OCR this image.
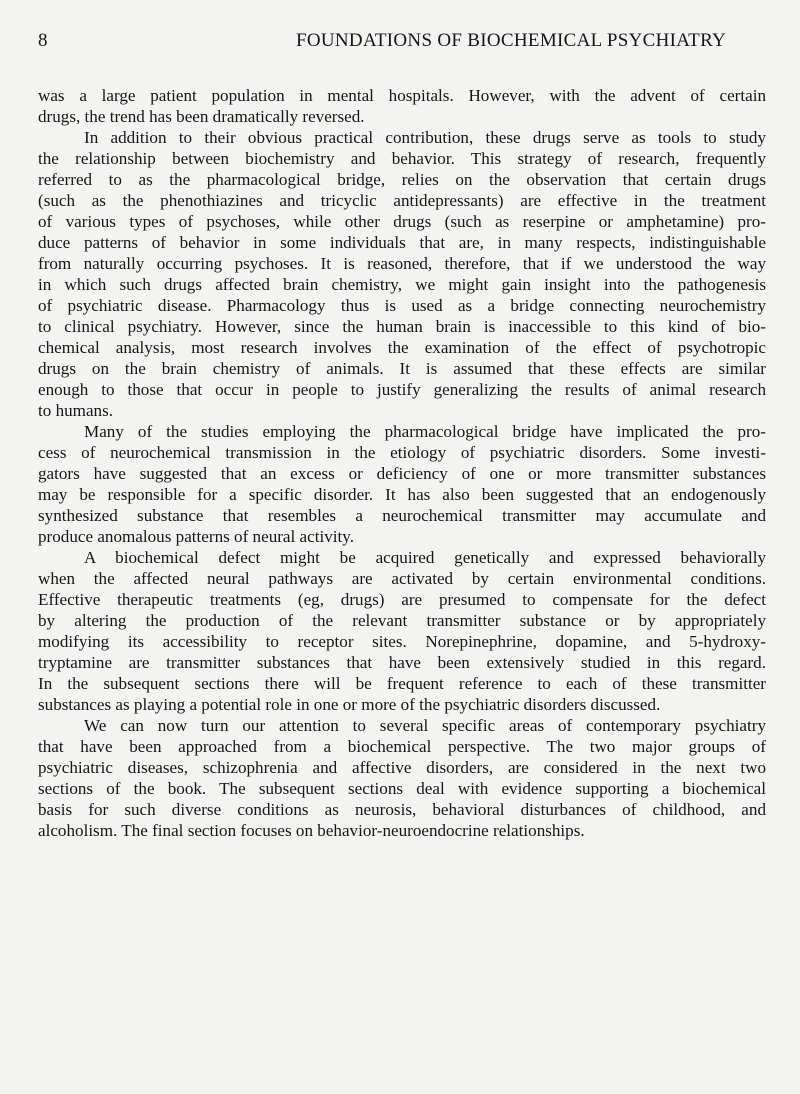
8	FOUNDATIONS OF BIOCHEMICAL PSYCHIATRY
was a large patient population in mental hospitals. However, with the advent of certain
drugs, the trend has been dramatically reversed.
In addition to their obvious practical contribution, these drugs serve as tools to study
the relationship between biochemistry and behavior. This strategy of research, frequently
referred to as the pharmacological bridge, relies on the observation that certain drugs
(such as the phenothiazines and tricyclic antidepressants) are effective in the treatment
of various types of psychoses, while other drugs (such as reserpine or amphetamine) pro-
duce patterns of behavior in some individuals that are, in many respects, indistinguishable
from naturally occurring psychoses. It is reasoned, therefore, that if we understood the way
in which such drugs affected brain chemistry, we might gain insight into the pathogenesis
of psychiatric disease. Pharmacology thus is used as a bridge connecting neurochemistry
to clinical psychiatry. However, since the human brain is inaccessible to this kind of bio-
chemical analysis, most research involves the examination of the effect of psychotropic
drugs on the brain chemistry of animals. It is assumed that these effects are similar
enough to those that occur in people to justify generalizing the results of animal research
to humans.
Many of the studies employing the pharmacological bridge have implicated the pro-
cess of neurochemical transmission in the etiology of psychiatric disorders. Some investi-
gators have suggested that an excess or deficiency of one or more transmitter substances
may be responsible for a specific disorder. It has also been suggested that an endogenously
synthesized substance that resembles a neurochemical transmitter may accumulate and
produce anomalous patterns of neural activity.
A biochemical defect might be acquired genetically and expressed behaviorally
when the affected neural pathways are activated by certain environmental conditions.
Effective therapeutic treatments (eg, drugs) are presumed to compensate for the defect
by altering the production of the relevant transmitter substance or by appropriately
modifying its accessibility to receptor sites. Norepinephrine, dopamine, and 5-hydroxy-
tryptamine are transmitter substances that have been extensively studied in this regard.
In the subsequent sections there will be frequent reference to each of these transmitter
substances as playing a potential role in one or more of the psychiatric disorders discussed.
We can now turn our attention to several specific areas of contemporary psychiatry
that have been approached from a biochemical perspective. The two major groups of
psychiatric diseases, schizophrenia and affective disorders, are considered in the next two
sections of the book. The subsequent sections deal with evidence supporting a biochemical
basis for such diverse conditions as neurosis, behavioral disturbances of childhood, and
alcoholism. The final section focuses on behavior-neuroendocrine relationships.
